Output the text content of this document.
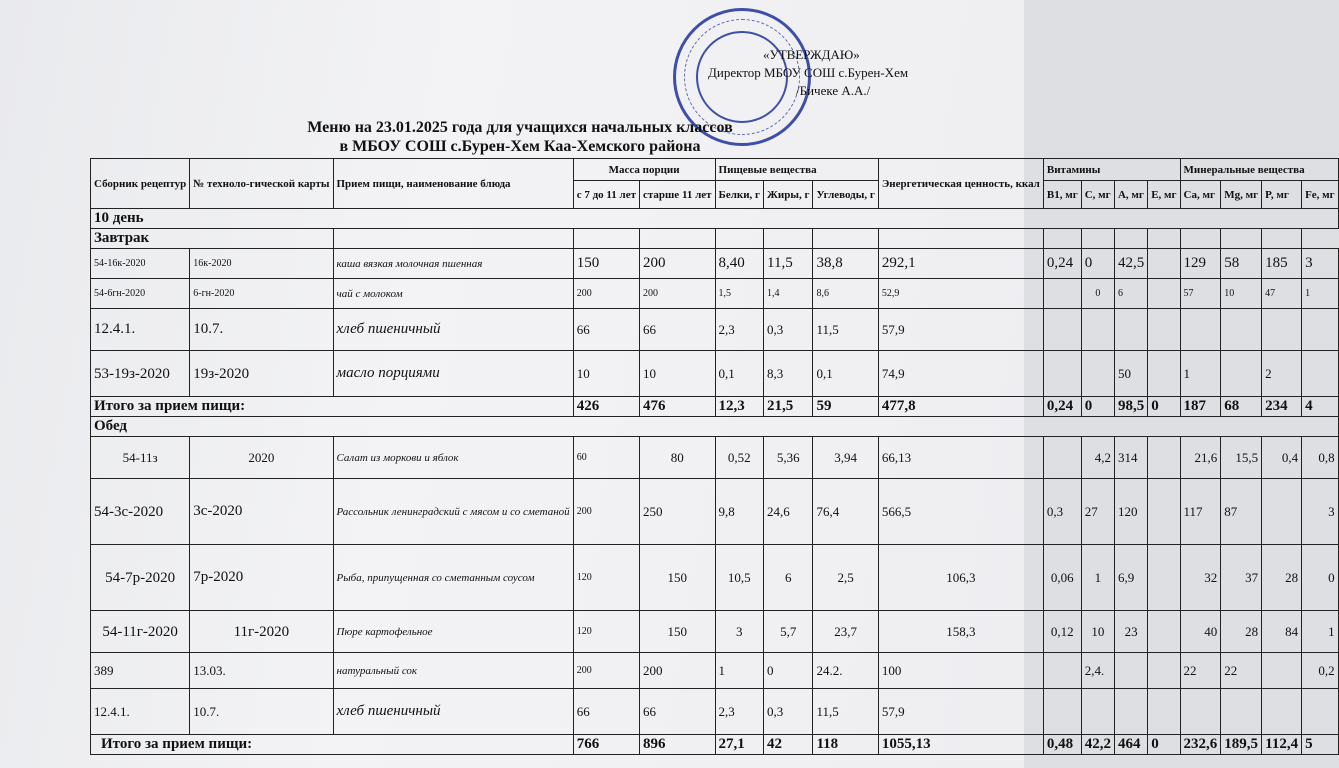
«УТВЕРЖДАЮ»
Директор МБОУ СОШ с.Бурен-Хем
/Бичеке А.А./
Меню на 23.01.2025 года для учащихся начальных классов
в МБОУ СОШ с.Бурен-Хем Каа-Хемского района
Сборник рецептур	№ техноло-гической карты	Прием пищи, наименование блюда	Масса порции		Пищевые вещества			Энергетическая ценность, ккал	Витамины				Минеральные вещества			
			с 7 до 11 лет	старше 11 лет	Белки, г	Жиры, г	Углеводы, г		B1, мг	C, мг	A, мг	E, мг	Ca, мг	Mg, мг	P, мг	Fe, мг
10 день																
Завтрак																
54-16к-2020	16к-2020	каша вязкая молочная пшенная	150	200	8,40	11,5	38,8	292,1	0,24	0	42,5		129	58	185	3
54-6гн-2020	6-гн-2020	чай с молоком	200	200	1,5	1,4	8,6	52,9		0	6		57	10	47	1
12.4.1.	10.7.	хлеб пшеничный	66	66	2,3	0,3	11,5	57,9								
53-19з-2020	19з-2020	масло порциями	10	10	0,1	8,3	0,1	74,9			50		1		2	
Итого за прием пищи:			426	476	12,3	21,5	59	477,8	0,24	0	98,5	0	187	68	234	4
Обед																
54-11з	2020	Салат из моркови и яблок	60	80	0,52	5,36	3,94	66,13		4,2	314		21,6	15,5	0,4	0,8
54-3с-2020	3с-2020	Рассольник ленинградский с мясом и со сметаной	200	250	9,8	24,6	76,4	566,5	0,3	27	120		117	87		3
54-7р-2020	7р-2020	Рыба, припущенная со сметанным соусом	120	150	10,5	6	2,5	106,3	0,06	1	6,9		32	37	28	0
54-11г-2020	11г-2020	Пюре картофельное	120	150	3	5,7	23,7	158,3	0,12	10	23		40	28	84	1
389	13.03.	натуральный сок	200	200	1	0	24.2.	100		2,4.			22	22		0,2
12.4.1.	10.7.	хлеб пшеничный	66	66	2,3	0,3	11,5	57,9								
Итого за прием пищи:			766	896	27,1	42	118	1055,13	0,48	42,2	464	0	232,6	189,5	112,4	5
